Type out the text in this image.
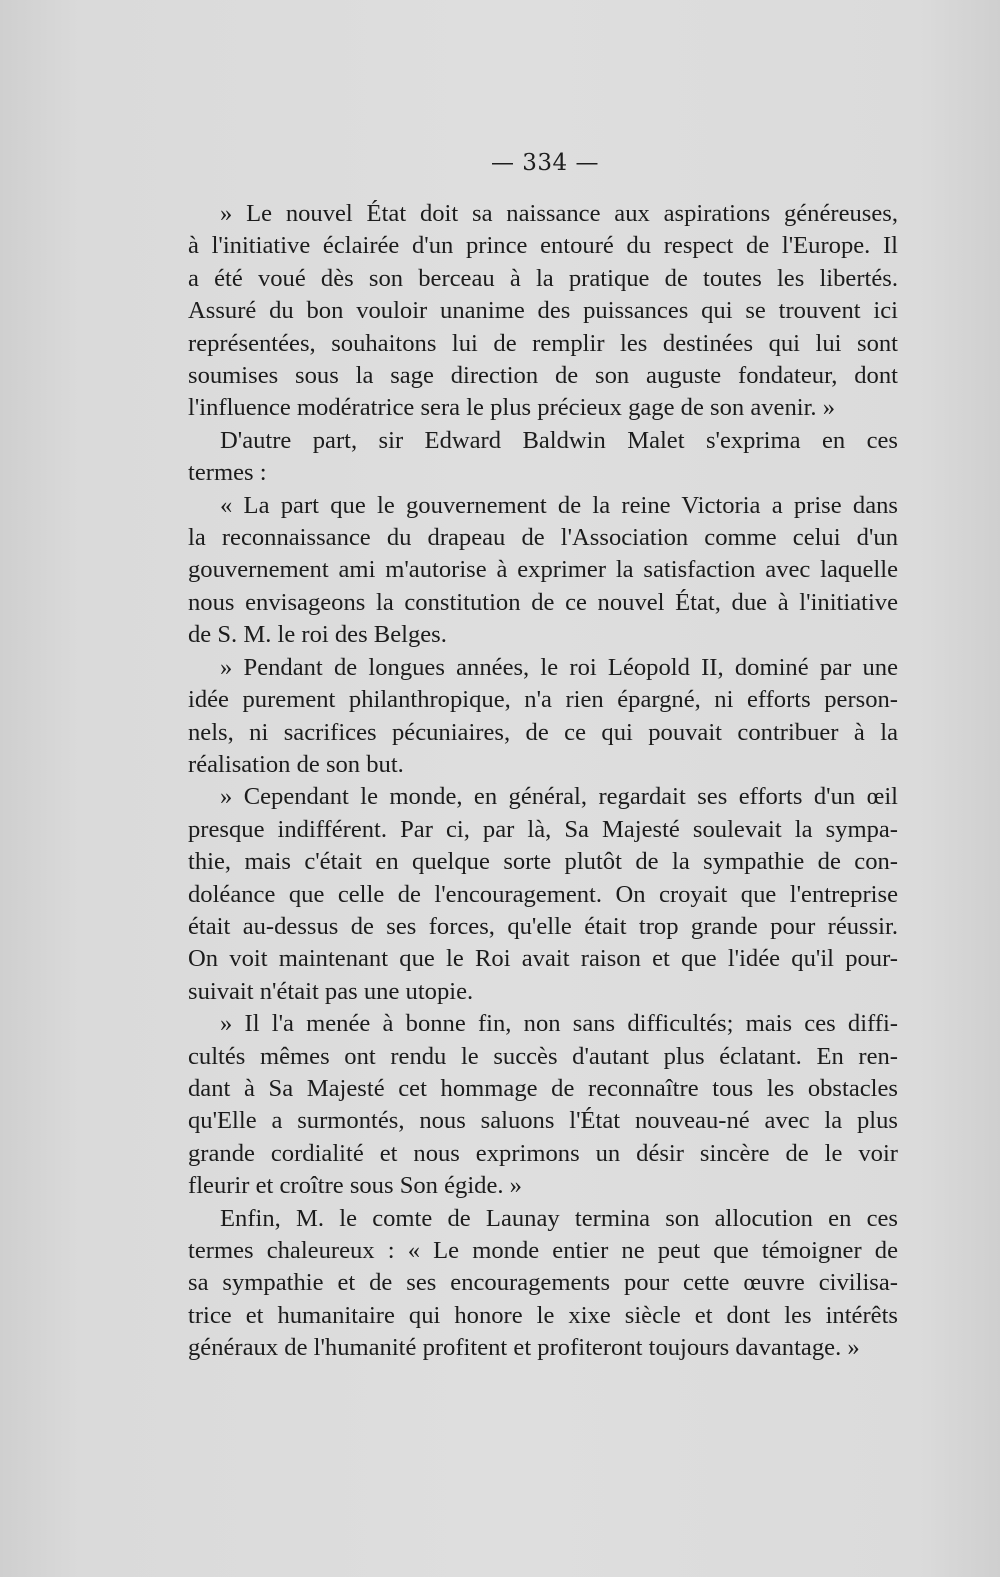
— 334 —
» Le nouvel État doit sa naissance aux aspirations généreuses,
à l'initiative éclairée d'un prince entouré du respect de l'Europe. Il
a été voué dès son berceau à la pratique de toutes les libertés.
Assuré du bon vouloir unanime des puissances qui se trouvent ici
représentées, souhaitons lui de remplir les destinées qui lui sont
soumises sous la sage direction de son auguste fondateur, dont
l'influence modératrice sera le plus précieux gage de son avenir. »
D'autre part, sir Edward Baldwin Malet s'exprima en ces
termes :
« La part que le gouvernement de la reine Victoria a prise dans
la reconnaissance du drapeau de l'Association comme celui d'un
gouvernement ami m'autorise à exprimer la satisfaction avec laquelle
nous envisageons la constitution de ce nouvel État, due à l'initiative
de S. M. le roi des Belges.
» Pendant de longues années, le roi Léopold II, dominé par une
idée purement philanthropique, n'a rien épargné, ni efforts person-
nels, ni sacrifices pécuniaires, de ce qui pouvait contribuer à la
réalisation de son but.
» Cependant le monde, en général, regardait ses efforts d'un œil
presque indifférent. Par ci, par là, Sa Majesté soulevait la sympa-
thie, mais c'était en quelque sorte plutôt de la sympathie de con-
doléance que celle de l'encouragement. On croyait que l'entreprise
était au-dessus de ses forces, qu'elle était trop grande pour réussir.
On voit maintenant que le Roi avait raison et que l'idée qu'il pour-
suivait n'était pas une utopie.
» Il l'a menée à bonne fin, non sans difficultés; mais ces diffi-
cultés mêmes ont rendu le succès d'autant plus éclatant. En ren-
dant à Sa Majesté cet hommage de reconnaître tous les obstacles
qu'Elle a surmontés, nous saluons l'État nouveau-né avec la plus
grande cordialité et nous exprimons un désir sincère de le voir
fleurir et croître sous Son égide. »
Enfin, M. le comte de Launay termina son allocution en ces
termes chaleureux : « Le monde entier ne peut que témoigner de
sa sympathie et de ses encouragements pour cette œuvre civilisa-
trice et humanitaire qui honore le xixe siècle et dont les intérêts
généraux de l'humanité profitent et profiteront toujours davantage. »
